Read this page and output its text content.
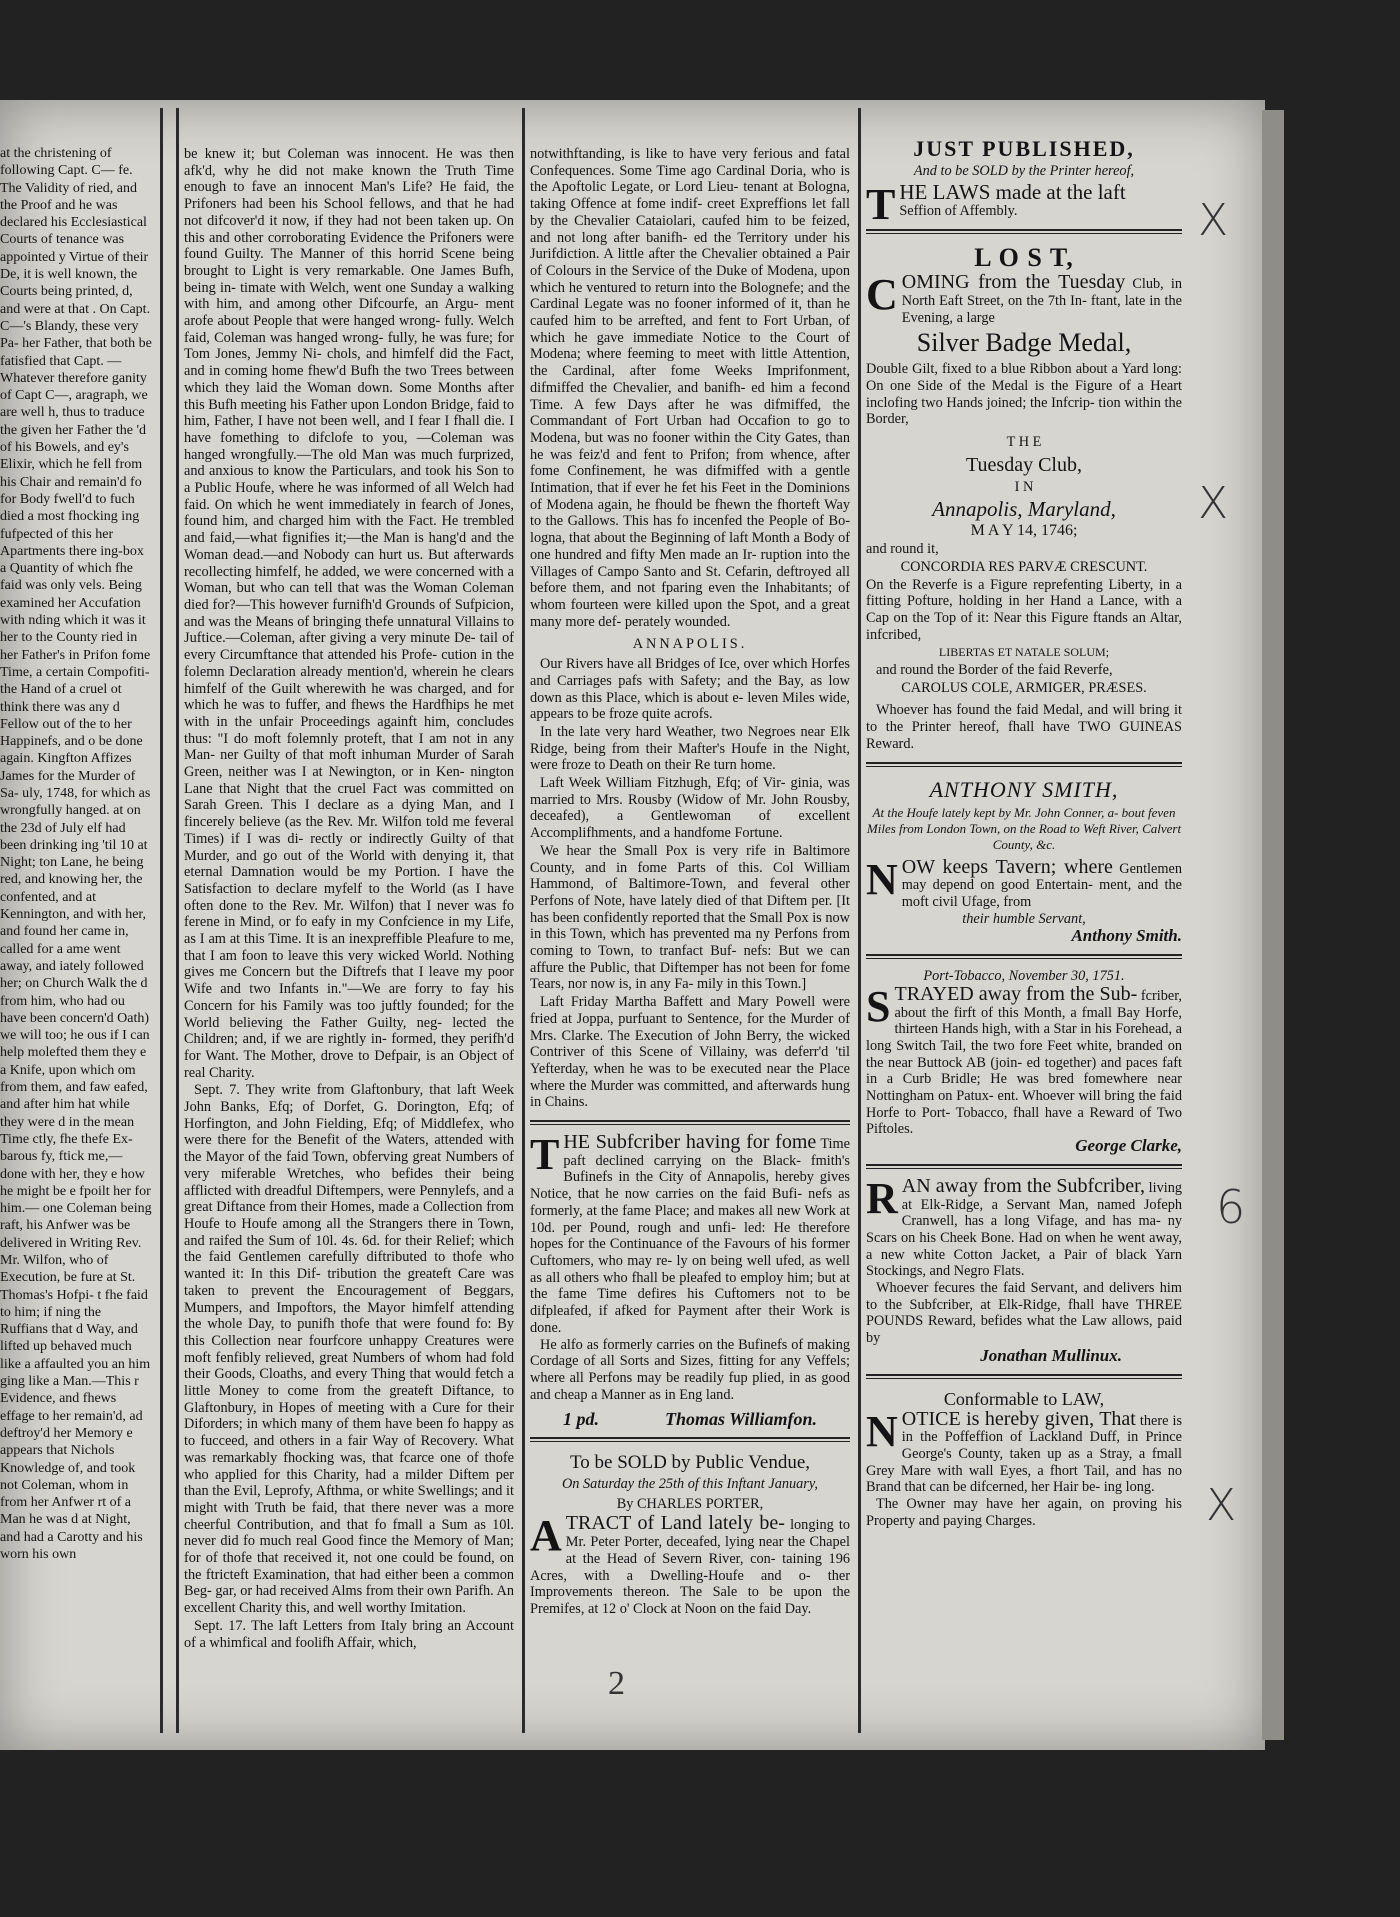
at the christening of following Capt. C— fe. The Validity of ried, and the Proof and he was declared his Ecclesiastical Courts of tenance was appointed y Virtue of their De, it is well known, the Courts being printed, d, and were at that . On Capt. C—'s Blandy, these very Pa- her Father, that both be fatisfied that Capt. —Whatever therefore ganity of Capt C—, aragraph, we are well h, thus to traduce the given her Father the 'd of his Bowels, and ey's Elixir, which he fell from his Chair and remain'd fo for Body fwell'd to fuch died a most fhocking ing fufpected of this her Apartments there ing-box a Quantity of which fhe faid was only vels. Being examined her Accufation with nding which it was it her to the County ried in her Father's in Prifon fome Time, a certain Compofiti- the Hand of a cruel ot think there was any d Fellow out of the to her Happinefs, and o be done again. Kingfton Affizes James for the Murder of Sa- uly, 1748, for which as wrongfully hanged. at on the 23d of July elf had been drinking ing 'til 10 at Night; ton Lane, he being red, and knowing her, the confented, and at Kennington, and with her, and found her came in, called for a ame went away, and iately followed her; on Church Walk the d from him, who had ou have been concern'd Oath) we will too; he ous if I can help molefted them they e a Knife, upon which om from them, and faw eafed, and after him hat while they were d in the mean Time ctly, fhe thefe Ex- barous fy, ftick me,— done with her, they e how he might be e fpoilt her for him.— one Coleman being raft, his Anfwer was be delivered in Writing Rev. Mr. Wilfon, who of Execution, be fure at St. Thomas's Hofpi- t fhe faid to him; if ning the Ruffians that d Way, and lifted up behaved much like a affaulted you an him ging like a Man.—This r Evidence, and fhews effage to her remain'd, ad deftroy'd her Memory e appears that Nichols Knowledge of, and took not Coleman, whom in from her Anfwer rt of a Man he was d at Night, and had a Carotty and his worn his own

be knew it; but Coleman was innocent. He was then afk'd, why he did not make known the Truth Time enough to fave an innocent Man's Life? He faid, the Prifoners had been his School fellows, and that he had not difcover'd it now, if they had not been taken up. On this and other corroborating Evidence the Prifoners were found Guilty. The Manner of this horrid Scene being brought to Light is very remarkable. One James Bufh, being in- timate with Welch, went one Sunday a walking with him, and among other Difcourfe, an Argu- ment arofe about People that were hanged wrong- fully. Welch faid, Coleman was hanged wrong- fully, he was fure; for Tom Jones, Jemmy Ni- chols, and himfelf did the Fact, and in coming home fhew'd Bufh the two Trees between which they laid the Woman down. Some Months after this Bufh meeting his Father upon London Bridge, faid to him, Father, I have not been well, and I fear I fhall die. I have fomething to difclofe to you, —Coleman was hanged wrongfully.—The old Man was much furprized, and anxious to know the Particulars, and took his Son to a Public Houfe, where he was informed of all Welch had faid. On which he went immediately in fearch of Jones, found him, and charged him with the Fact. He trembled and faid,—what fignifies it;—the Man is hang'd and the Woman dead.—and Nobody can hurt us. But afterwards recollecting himfelf, he added, we were concerned with a Woman, but who can tell that was the Woman Coleman died for?—This however furnifh'd Grounds of Sufpicion, and was the Means of bringing thefe unnatural Villains to Juftice.—Coleman, after giving a very minute De- tail of every Circumftance that attended his Profe- cution in the folemn Declaration already mention'd, wherein he clears himfelf of the Guilt wherewith he was charged, and for which he was to fuffer, and fhews the Hardfhips he met with in the unfair Proceedings againft him, concludes thus: "I do moft folemnly proteft, that I am not in any Man- ner Guilty of that moft inhuman Murder of Sarah Green, neither was I at Newington, or in Ken- nington Lane that Night that the cruel Fact was committed on Sarah Green. This I declare as a dying Man, and I fincerely believe (as the Rev. Mr. Wilfon told me feveral Times) if I was di- rectly or indirectly Guilty of that Murder, and go out of the World with denying it, that eternal Damnation would be my Portion. I have the Satisfaction to declare myfelf to the World (as I have often done to the Rev. Mr. Wilfon) that I never was fo ferene in Mind, or fo eafy in my Confcience in my Life, as I am at this Time. It is an inexpreffible Pleafure to me, that I am foon to leave this very wicked World. Nothing gives me Concern but the Diftrefs that I leave my poor Wife and two Infants in."—We are forry to fay his Concern for his Family was too juftly founded; for the World believing the Father Guilty, neg- lected the Children; and, if we are rightly in- formed, they perifh'd for Want. The Mother, drove to Defpair, is an Object of real Charity.

Sept. 7. They write from Glaftonbury, that laft Week John Banks, Efq; of Dorfet, G. Dorington, Efq; of Horfington, and John Fielding, Efq; of Middlefex, who were there for the Benefit of the Waters, attended with the Mayor of the faid Town, obferving great Numbers of very miferable Wretches, who befides their being afflicted with dreadful Diftempers, were Pennylefs, and a great Diftance from their Homes, made a Collection from Houfe to Houfe among all the Strangers there in Town, and raifed the Sum of 10l. 4s. 6d. for their Relief; which the faid Gentlemen carefully diftributed to thofe who wanted it: In this Dif- tribution the greateft Care was taken to prevent the Encouragement of Beggars, Mumpers, and Impoftors, the Mayor himfelf attending the whole Day, to punifh thofe that were found fo: By this Collection near fourfcore unhappy Creatures were moft fenfibly relieved, great Numbers of whom had fold their Goods, Cloaths, and every Thing that would fetch a little Money to come from the greateft Diftance, to Glaftonbury, in Hopes of meeting with a Cure for their Diforders; in which many of them have been fo happy as to fucceed, and others in a fair Way of Recovery. What was remarkably fhocking was, that fcarce one of thofe who applied for this Charity, had a milder Diftem per than the Evil, Leprofy, Afthma, or white Swellings; and it might with Truth be faid, that there never was a more cheerful Contribution, and that fo fmall a Sum as 10l. never did fo much real Good fince the Memory of Man; for of thofe that received it, not one could be found, on the ftricteft Examination, that had either been a common Beg- gar, or had received Alms from their own Parifh. An excellent Charity this, and well worthy Imitation.

Sept. 17. The laft Letters from Italy bring an Account of a whimfical and foolifh Affair, which,

notwithftanding, is like to have very ferious and fatal Confequences. Some Time ago Cardinal Doria, who is the Apoftolic Legate, or Lord Lieu- tenant at Bologna, taking Offence at fome indif- creet Expreffions let fall by the Chevalier Cataiolari, caufed him to be feized, and not long after banifh- ed the Territory under his Jurifdiction. A little after the Chevalier obtained a Pair of Colours in the Service of the Duke of Modena, upon which he ventured to return into the Bolognefe; and the Cardinal Legate was no fooner informed of it, than he caufed him to be arrefted, and fent to Fort Urban, of which he gave immediate Notice to the Court of Modena; where feeming to meet with little Attention, the Cardinal, after fome Weeks Imprifonment, difmiffed the Chevalier, and banifh- ed him a fecond Time. A few Days after he was difmiffed, the Commandant of Fort Urban had Occafion to go to Modena, but was no fooner within the City Gates, than he was feiz'd and fent to Prifon; from whence, after fome Confinement, he was difmiffed with a gentle Intimation, that if ever he fet his Feet in the Dominions of Modena again, he fhould be fhewn the fhorteft Way to the Gallows. This has fo incenfed the People of Bo- logna, that about the Beginning of laft Month a Body of one hundred and fifty Men made an Ir- ruption into the Villages of Campo Santo and St. Cefarin, deftroyed all before them, and not fparing even the Inhabitants; of whom fourteen were killed upon the Spot, and a great many more def- perately wounded.

ANNAPOLIS.

Our Rivers have all Bridges of Ice, over which Horfes and Carriages pafs with Safety; and the Bay, as low down as this Place, which is about e- leven Miles wide, appears to be froze quite acrofs.

In the late very hard Weather, two Negroes near Elk Ridge, being from their Mafter's Houfe in the Night, were froze to Death on their Re turn home.

Laft Week William Fitzhugh, Efq; of Vir- ginia, was married to Mrs. Rousby (Widow of Mr. John Rousby, deceafed), a Gentlewoman of excellent Accomplifhments, and a handfome Fortune.

We hear the Small Pox is very rife in Baltimore County, and in fome Parts of this. Col William Hammond, of Baltimore-Town, and feveral other Perfons of Note, have lately died of that Diftem per. [It has been confidently reported that the Small Pox is now in this Town, which has prevented ma ny Perfons from coming to Town, to tranfact Buf- nefs: But we can affure the Public, that Diftemper has not been for fome Tears, nor now is, in any Fa- mily in this Town.]

Laft Friday Martha Baffett and Mary Powell were fried at Joppa, purfuant to Sentence, for the Murder of Mrs. Clarke. The Execution of John Berry, the wicked Contriver of this Scene of Villainy, was deferr'd 'til Yefterday, when he was to be executed near the Place where the Murder was committed, and afterwards hung in Chains.

T HE Subfcriber having for fome Time paft declined carrying on the Black- fmith's Bufinefs in the City of Annapolis, hereby gives Notice, that he now carries on the faid Bufi- nefs as formerly, at the fame Place; and makes all new Work at 10d. per Pound, rough and unfi- led: He therefore hopes for the Continuance of the Favours of his former Cuftomers, who may re- ly on being well ufed, as well as all others who fhall be pleafed to employ him; but at the fame Time defires his Cuftomers not to be difpleafed, if afked for Payment after their Work is done.

He alfo as formerly carries on the Bufinefs of making Cordage of all Sorts and Sizes, fitting for any Veffels; where all Perfons may be readily fup plied, in as good and cheap a Manner as in Eng land.

1 pd.	Thomas Williamfon.

To be SOLD by Public Vendue,

On Saturday the 25th of this Inftant January,

By CHARLES PORTER,

A TRACT of Land lately be- longing to Mr. Peter Porter, deceafed, lying near the Chapel at the Head of Severn River, con- taining 196 Acres, with a Dwelling-Houfe and o- ther Improvements thereon. The Sale to be upon the Premifes, at 12 o' Clock at Noon on the faid Day.

JUST PUBLISHED,

And to be SOLD by the Printer hereof,

T HE LAWS made at the laft
Seffion of Affembly.

L O S T,

C OMING from the Tuesday Club, in North Eaft Street, on the 7th In- ftant, late in the Evening, a large

Silver Badge Medal,

Double Gilt, fixed to a blue Ribbon about a Yard long: On one Side of the Medal is the Figure of a Heart inclofing two Hands joined; the Infcrip- tion within the Border,

T H E

Tuesday Club,

I N

Annapolis, Maryland,

M A Y 14, 1746;

and round it,

CONCORDIA RES PARVÆ CRESCUNT.

On the Reverfe is a Figure reprefenting Liberty, in a fitting Pofture, holding in her Hand a Lance, with a Cap on the Top of it: Near this Figure ftands an Altar, infcribed,

LIBERTAS ET NATALE SOLUM;

and round the Border of the faid Reverfe,

CAROLUS COLE, ARMIGER, PRÆSES.

Whoever has found the faid Medal, and will bring it to the Printer hereof, fhall have TWO GUINEAS Reward.

ANTHONY SMITH,

At the Houfe lately kept by Mr. John Conner, a- bout feven Miles from London Town, on the Road to Weft River, Calvert County, &c.

N OW keeps Tavern; where Gentlemen may depend on good Entertain- ment, and the moft civil Ufage, from

their humble Servant,

Anthony Smith.

Port-Tobacco, November 30, 1751.

S TRAYED away from the Sub- fcriber, about the firft of this Month, a fmall Bay Horfe, thirteen Hands high, with a Star in his Forehead, a long Switch Tail, the two fore Feet white, branded on the near Buttock AB (join- ed together) and paces faft in a Curb Bridle; He was bred fomewhere near Nottingham on Patux- ent. Whoever will bring the faid Horfe to Port- Tobacco, fhall have a Reward of Two Piftoles.

George Clarke,

R AN away from the Subfcriber, living at Elk-Ridge, a Servant Man, named Jofeph Cranwell, has a long Vifage, and has ma- ny Scars on his Cheek Bone. Had on when he went away, a new white Cotton Jacket, a Pair of black Yarn Stockings, and Negro Flats.

Whoever fecures the faid Servant, and delivers him to the Subfcriber, at Elk-Ridge, fhall have THREE POUNDS Reward, befides what the Law allows, paid by

Jonathan Mullinux.

Conformable to LAW,

N OTICE is hereby given, That there is in the Poffeffion of Lackland Duff, in Prince George's County, taken up as a Stray, a fmall Grey Mare with wall Eyes, a fhort Tail, and has no Brand that can be difcerned, her Hair be- ing long.

The Owner may have her again, on proving his Property and paying Charges.

X
X
6
X
2
